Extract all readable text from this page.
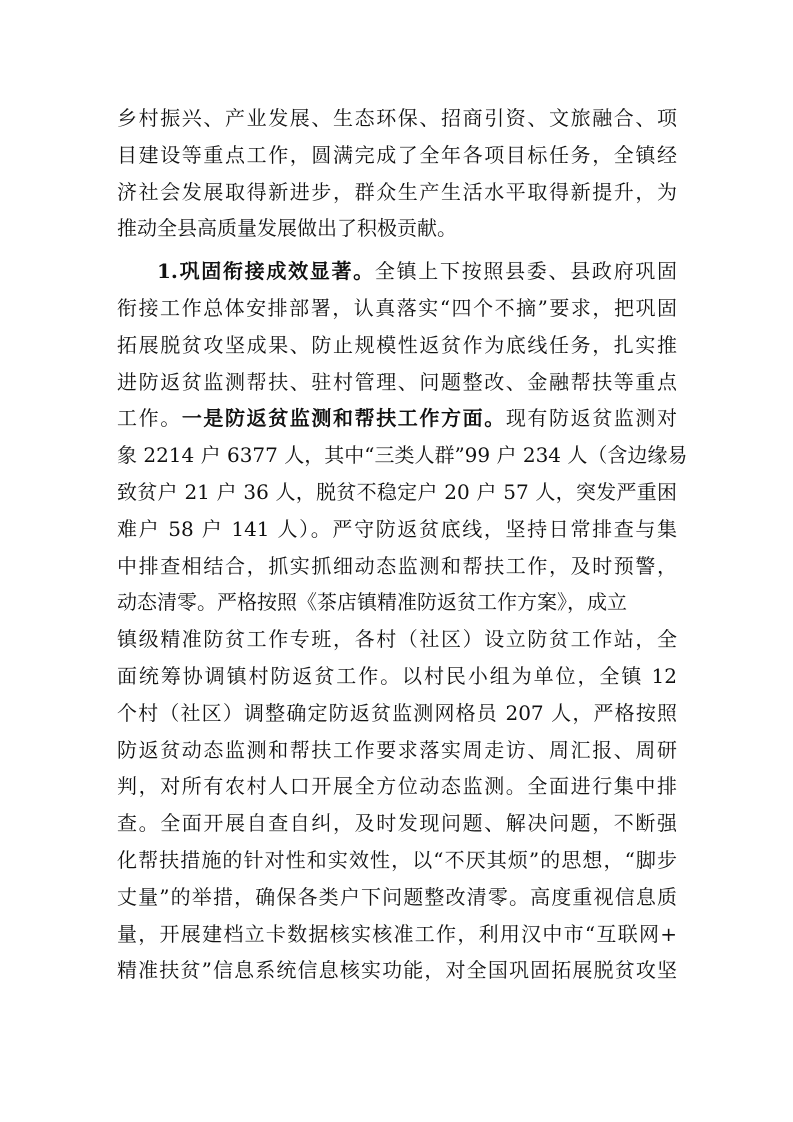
乡村振兴、产业发展、生态环保、招商引资、文旅融合、项
目建设等重点工作，圆满完成了全年各项目标任务，全镇经
济社会发展取得新进步，群众生产生活水平取得新提升，为
推动全县高质量发展做出了积极贡献。
1.巩固衔接成效显著。全镇上下按照县委、县政府巩固
衔接工作总体安排部署，认真落实“四个不摘”要求，把巩固
拓展脱贫攻坚成果、防止规模性返贫作为底线任务，扎实推
进防返贫监测帮扶、驻村管理、问题整改、金融帮扶等重点
工作。一是防返贫监测和帮扶工作方面。现有防返贫监测对
象 2214 户 6377 人，其中“三类人群”99 户 234 人（含边缘易
致贫户 21 户 36 人，脱贫不稳定户 20 户 57 人，突发严重困
难户 58 户 141 人）。严守防返贫底线，坚持日常排查与集
中排查相结合，抓实抓细动态监测和帮扶工作，及时预警，
动态清零。严格按照《茶店镇精准防返贫工作方案》，成立
镇级精准防贫工作专班，各村（社区）设立防贫工作站，全
面统筹协调镇村防返贫工作。以村民小组为单位，全镇 12
个村（社区）调整确定防返贫监测网格员 207 人，严格按照
防返贫动态监测和帮扶工作要求落实周走访、周汇报、周研
判，对所有农村人口开展全方位动态监测。全面进行集中排
查。全面开展自查自纠，及时发现问题、解决问题，不断强
化帮扶措施的针对性和实效性，以“不厌其烦”的思想，“脚步
丈量”的举措，确保各类户下问题整改清零。高度重视信息质
量，开展建档立卡数据核实核准工作，利用汉中市“互联网+
精准扶贫”信息系统信息核实功能，对全国巩固拓展脱贫攻坚
